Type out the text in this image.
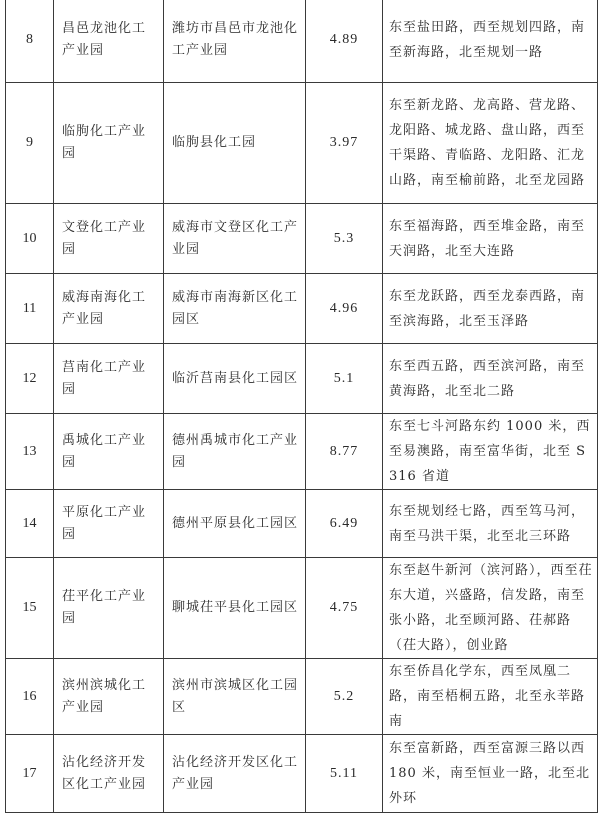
8	昌邑龙池化工产业园	潍坊市昌邑市龙池化工产业园	4.89	东至盐田路，西至规划四路，南至新海路，北至规划一路

9	临朐化工产业园	临朐县化工园	3.97	东至新龙路、龙高路、营龙路、龙阳路、城龙路、盘山路，西至干渠路、青临路、龙阳路、汇龙山路，南至榆前路，北至龙园路

10	文登化工产业园	威海市文登区化工产业园	5.3	东至福海路，西至堆金路，南至天润路，北至大连路

11	威海南海化工产业园	威海市南海新区化工园区	4.96	东至龙跃路，西至龙泰西路，南至滨海路，北至玉泽路

12	莒南化工产业园	临沂莒南县化工园区	5.1	东至西五路，西至滨河路，南至黄海路，北至北二路

13	禹城化工产业园	德州禹城市化工产业园	8.77	东至七斗河路东约 1000 米，西至易澳路，南至富华街，北至 S316 省道

14	平原化工产业园	德州平原县化工园区	6.49	东至规划经七路，西至笃马河，南至马洪干渠，北至北三环路

15	茌平化工产业园	聊城茌平县化工园区	4.75	东至赵牛新河（滨河路），西至茌东大道，兴盛路，信发路，南至张小路，北至顾河路、茌郝路（茌大路），创业路

16	滨州滨城化工产业园	滨州市滨城区化工园区	5.2	东至侨昌化学东，西至凤凰二路，南至梧桐五路，北至永莘路南

17	沾化经济开发区化工产业园	沾化经济开发区化工产业园	5.11	东至富新路，西至富源三路以西 180 米，南至恒业一路，北至北外环
